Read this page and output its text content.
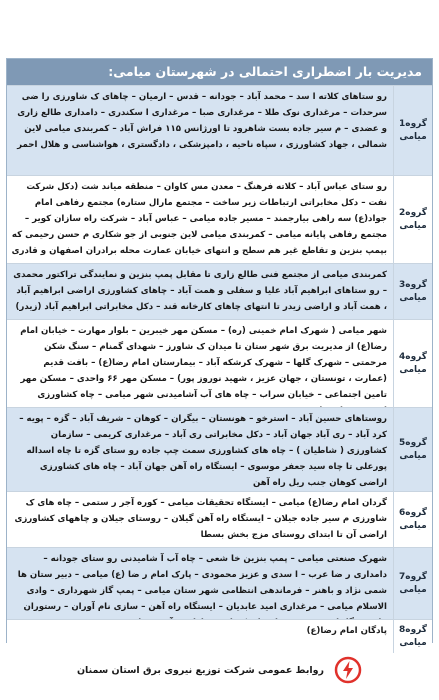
مدیریت بار اضطراری احتمالی در شهرستان میامی:
گروه1
میامی
رو ستاهای کلاته ا سد – محمد آباد – جودانه – قدس – ارمیان – چاهای ک شاورزی را ضی سرحدات – مرغداری نوک طلا – مرغداری صبا – مرغداری ا سکندری – دامداری طالع زاری و عضدی – م سیر جاده بست شاهرود تا اورژانس ۱۱۵ فراش آباد – کمربندی میامی لاین شمالی ، جهاد کشاورزی ، سپاه ناحیه ، دامپزشکی ، دادگستری ، هواشناسی و هلال احمر
گروه2
میامی
رو ستای عباس آباد – کلاته فرهنگ – معدن مس کاوان – منطقه میاند شت (دکل شرکت نفت – دکل مخابراتی ارتباطات زیر ساخت – مجتمع مارال ستاره) مجتمع رفاهی امام جواد(ع) سه راهی بیارجمند – مسیر جاده میامی – عباس آباد – شرکت راه سازان کویر – مجتمع رفاهی پایانه میامی – کمربندی میامی لاین جنوبی از جو شکاری م حسن رحیمی که بپمپ بنزین و تقاطع غیر هم سطح و انتهای خیابان عمارت محله برادران اصفهان و قادری
گروه3
میامی
کمربندی میامی از مجتمع فنی طالع زاری تا مقابل پمپ بنزین و نمایندگی تراکتور محمدی – رو ستاهای ابراهیم آباد علیا و سفلی و همت آباد – چاهای کشاورزی اراضی ابراهیم آباد ، همت آباد و اراضی زیدر تا انتهای چاهای کارخانه قند – دکل مخابراتی ابراهیم آباد (زیدر)
گروه4
میامی
شهر میامی ( شهرک امام خمینی (ره) – مسکن مهر خیبرین – بلوار مهارت – خیابان امام رضا(ع) از مدیریت برق شهر ستان تا میدان ک شاورز – شهدای گمنام – سنگ شکن مرحمتی – شهرک گلها – شهرک کرشکه آباد – بیمارستان امام رضا(ع) – بافت قدیم (عمارت ، تونستان ، جهان عزیز ، شهید نوروز پور) – مسکن مهر ۶۶ واحدی – مسکن مهر تامین اجتماعی – خیابان سراب – چاه های آب آشامیدنی شهر میامی – چاه کشاورزی
گروه5
میامی
روستاهای حسین آباد – استرخو – هونستان – بیگران – کوهان – شریف آباد – گزه – پویه – کرد آباد – ری آباد جهان آباد – دکل مخابراتی ری آباد – مرغداری کریمی – سازمان کشاورزی ( شاطیان ) – چاه های کشاورزی سمت چپ جاده رو ستای گزه تا چاه اسداله پورعلی تا چاه سید جعفر موسوی – ایستگاه راه آهن جهان آباد – چاه های کشاورزی اراضی کوهان جنب ریل راه آهن
گروه6
میامی
گردان امام رضا(ع) میامی – ایستگاه تحقیقات میامی – کوره آجر ر ستمی – چاه های ک شاورزی م سیر جاده جیلان – ایستگاه راه آهن گیلان – روستای جیلان و چاههای کشاورزی اراضی آن تا ابتدای روستای مزج بخش بسطا
گروه7
میامی
شهرک صنعتی میامی – پمپ بنزین خا شعی – چاه آب آ شامیدنی رو ستای جودانه – دامداری ر ضا عرب – ا سدی و عزیز محمودی – پارک امام ر ضا (ع) میامی – دبیر ستان ها شمی نژاد و باهنر – فرماندهی انتظامی شهر ستان میامی – پمپ گاز شهرداری – وادی الاسلام میامی – مرغداری امید عابدیان – ایستگاه راه آهن – سازی نام آوران – رستوران
گروه8
میامی
پادگان امام رضا(ع)
روابط عمومی شرکت توزیع نیروی برق استان سمنان
